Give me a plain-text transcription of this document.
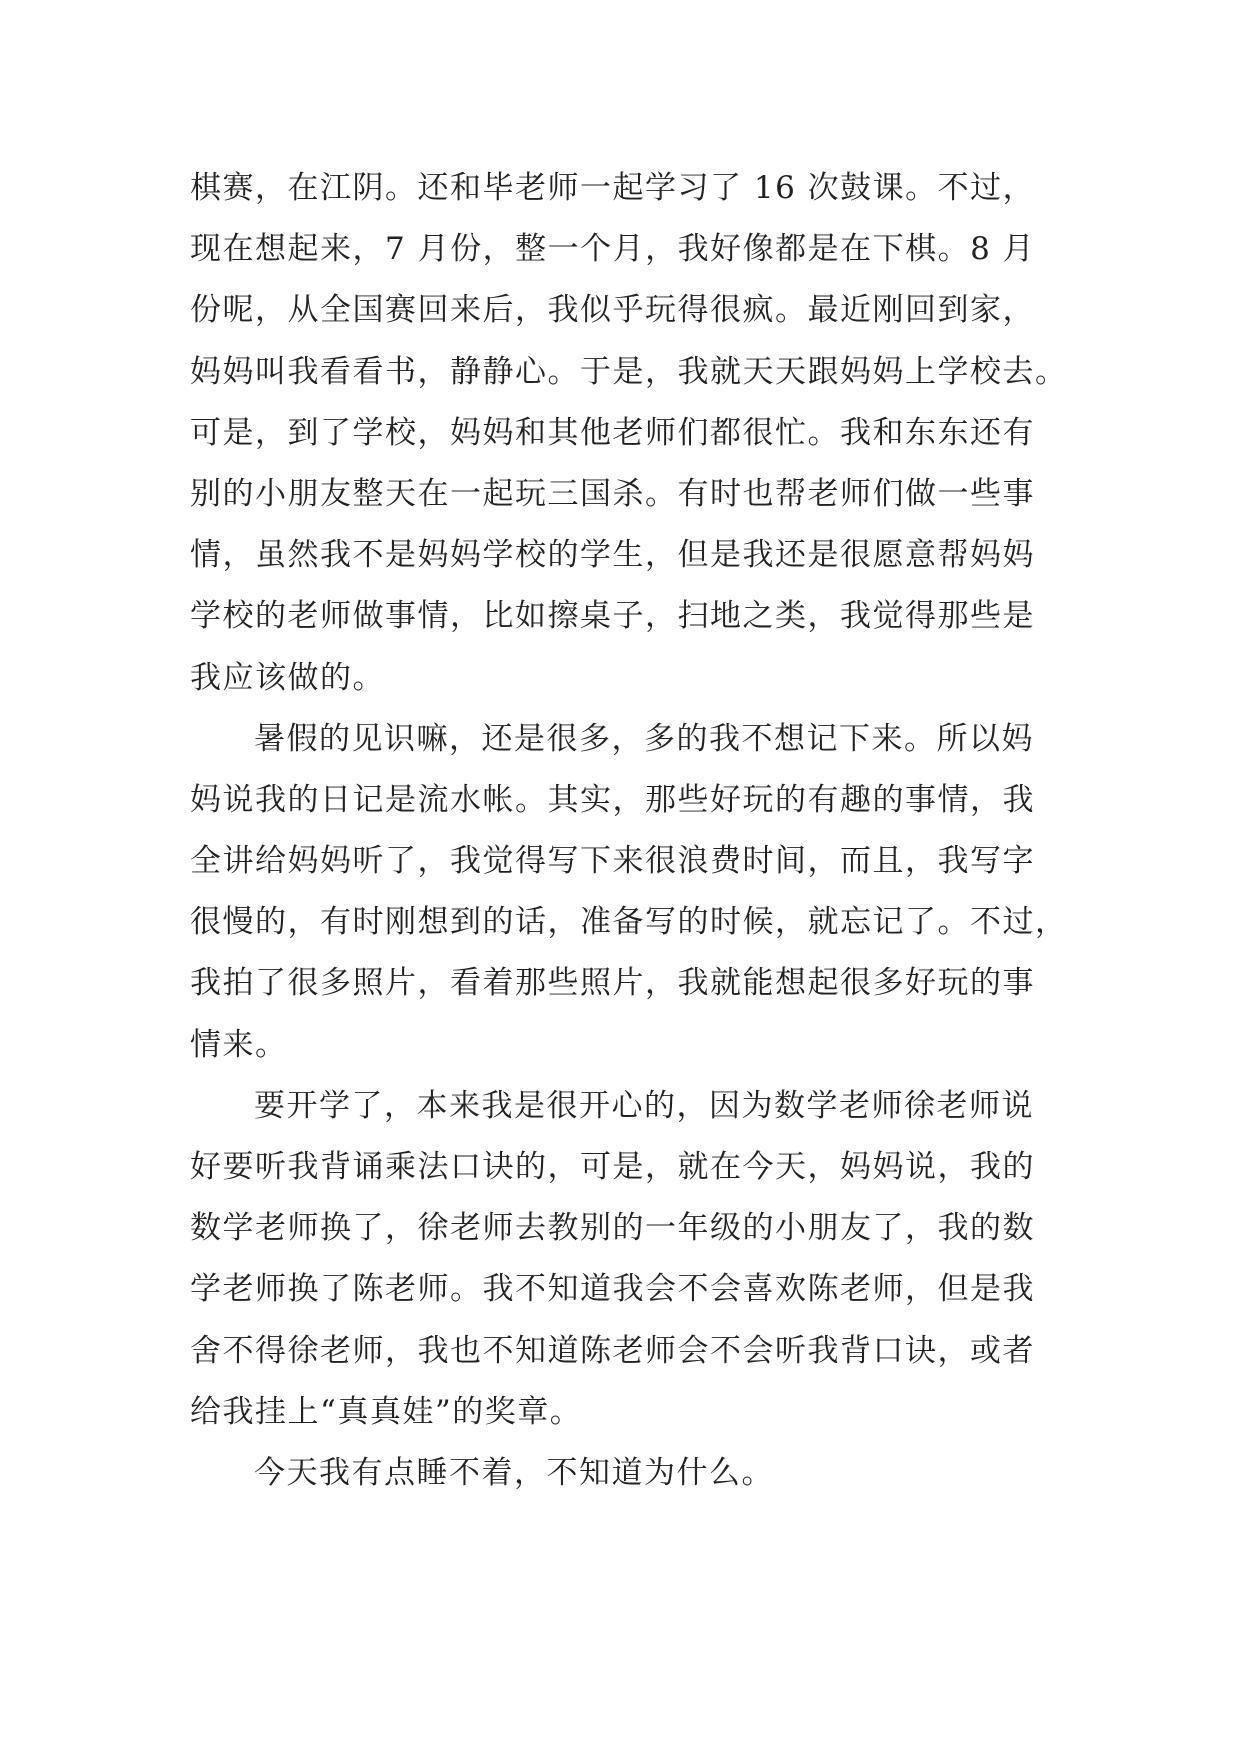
棋赛，在江阴。还和毕老师一起学习了 16 次鼓课。不过，
现在想起来，7 月份，整一个月，我好像都是在下棋。8 月
份呢，从全国赛回来后，我似乎玩得很疯。最近刚回到家，
妈妈叫我看看书，静静心。于是，我就天天跟妈妈上学校去。
可是，到了学校，妈妈和其他老师们都很忙。我和东东还有
别的小朋友整天在一起玩三国杀。有时也帮老师们做一些事
情，虽然我不是妈妈学校的学生，但是我还是很愿意帮妈妈
学校的老师做事情，比如擦桌子，扫地之类，我觉得那些是
我应该做的。
暑假的见识嘛，还是很多，多的我不想记下来。所以妈
妈说我的日记是流水帐。其实，那些好玩的有趣的事情，我
全讲给妈妈听了，我觉得写下来很浪费时间，而且，我写字
很慢的，有时刚想到的话，准备写的时候，就忘记了。不过，
我拍了很多照片，看着那些照片，我就能想起很多好玩的事
情来。
要开学了，本来我是很开心的，因为数学老师徐老师说
好要听我背诵乘法口诀的，可是，就在今天，妈妈说，我的
数学老师换了，徐老师去教别的一年级的小朋友了，我的数
学老师换了陈老师。我不知道我会不会喜欢陈老师，但是我
舍不得徐老师，我也不知道陈老师会不会听我背口诀，或者
给我挂上“真真娃”的奖章。
今天我有点睡不着，不知道为什么。
